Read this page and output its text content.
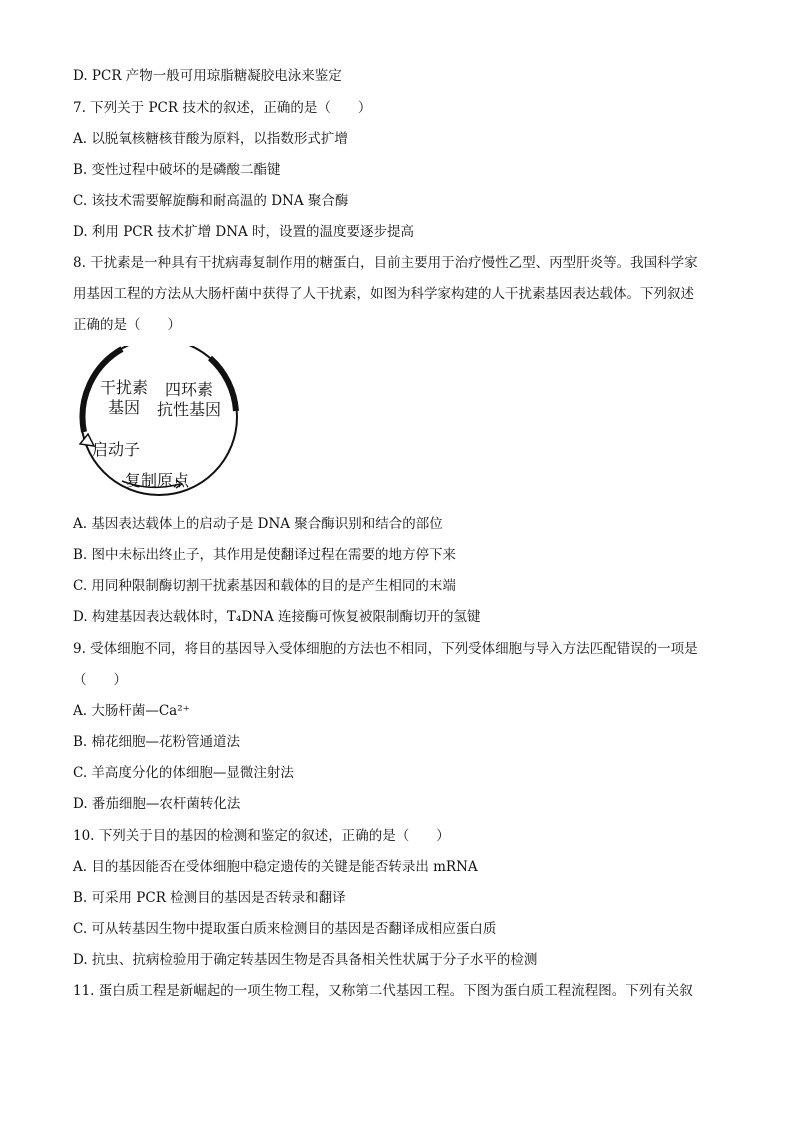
D. PCR 产物一般可用琼脂糖凝胶电泳来鉴定
7. 下列关于 PCR 技术的叙述，正确的是（　　）
A. 以脱氧核糖核苷酸为原料，以指数形式扩增
B. 变性过程中破坏的是磷酸二酯键
C. 该技术需要解旋酶和耐高温的 DNA 聚合酶
D. 利用 PCR 技术扩增 DNA 时，设置的温度要逐步提高
8. 干扰素是一种具有干扰病毒复制作用的糖蛋白，目前主要用于治疗慢性乙型、丙型肝炎等。我国科学家
用基因工程的方法从大肠杆菌中获得了人干扰素，如图为科学家构建的人干扰素基因表达载体。下列叙述
正确的是（　　）
干扰素
基因
四环素
抗性基因
启动子
复制原点
A. 基因表达载体上的启动子是 DNA 聚合酶识别和结合的部位
B. 图中未标出终止子，其作用是使翻译过程在需要的地方停下来
C. 用同种限制酶切割干扰素基因和载体的目的是产生相同的末端
D. 构建基因表达载体时，T₄DNA 连接酶可恢复被限制酶切开的氢键
9. 受体细胞不同，将目的基因导入受体细胞的方法也不相同，下列受体细胞与导入方法匹配错误的一项是
（　　）
A. 大肠杆菌—Ca²⁺
B. 棉花细胞—花粉管通道法
C. 羊高度分化的体细胞—显微注射法
D. 番茄细胞—农杆菌转化法
10. 下列关于目的基因的检测和鉴定的叙述，正确的是（　　）
A. 目的基因能否在受体细胞中稳定遗传的关键是能否转录出 mRNA
B. 可采用 PCR 检测目的基因是否转录和翻译
C. 可从转基因生物中提取蛋白质来检测目的基因是否翻译成相应蛋白质
D. 抗虫、抗病检验用于确定转基因生物是否具备相关性状属于分子水平的检测
11. 蛋白质工程是新崛起的一项生物工程，又称第二代基因工程。下图为蛋白质工程流程图。下列有关叙
